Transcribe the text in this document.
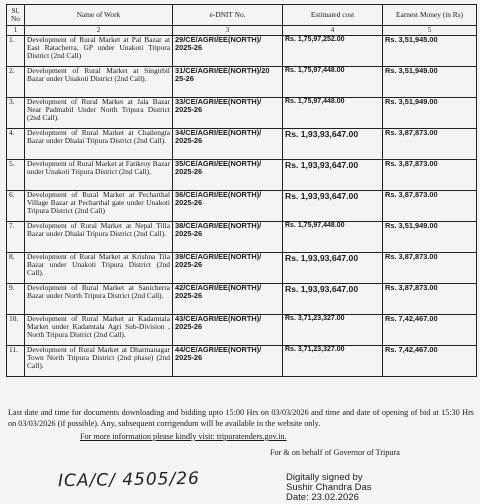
Sl. No	Name of Work	e-DNIT No.	Estimated cost	Earnest Money (in Rs)
1	2	3	4	5
1.	Development of Rural Market at Pal Bazar at East Ratacherra, GP under Unakoti Tripura District (2nd Call)	29/CE/AGRI/EE(NORTH)/ 2025-26	Rs. 1,75,97,252.00	Rs. 3,51,945.00
2.	Development of Rural Market at Singirbil Bazar under Unakoti District (2nd Call).	31/CE/AGRI/EE(NORTH)/20 25-26	Rs. 1,75,97,448.00	Rs. 3,51,949.00
3.	Development of Rural Market at Jala Bazar Near Padmabil Under North Tripura District (2nd Call).	33/CE/AGRI/EE(NORTH)/ 2025-26	Rs. 1,75,97,448.00	Rs. 3,51,949.00
4.	Development of Rural Market at Chailengta Bazar under Dhalai Tripura District (2nd Call).	34/CE/AGRI/EE(NORTH)/ 2025-26	Rs. 1,93,93,647.00	Rs. 3,87,873.00
5.	Development of Rural Market at Fatikroy Bazar under Unakoti Tripura District (2nd Call).	35/CE/AGRI/EE(NORTH)/ 2025-26	Rs. 1,93,93,647.00	Rs. 3,87,873.00
6.	Development of Rural Market at Pecharthal Village Bazar at Pecharthal gate under Unakoti Tripura District (2nd Call)	36/CE/AGRI/EE(NORTH)/ 2025-26	Rs. 1,93,93,647.00	Rs. 3,87,873.00
7.	Development of Rural Market at Nepal Tilla Bazar under Dhalai Tripura District (2nd Call).	38/CE/AGRI/EE(NORTH)/ 2025-26	Rs. 1,75,97,448.00	Rs. 3,51,949.00
8.	Development of Rural Market at Krishna Tila Bazar under Unakoti Tripura District (2nd Call).	39/CE/AGRI/EE(NORTH)/ 2025-26	Rs. 1,93,93,647.00	Rs. 3,87,873.00
9.	Development of Rural Market at Sanicherra Bazar under North Tripura District (2nd Call).	42/CE/AGRI/EE(NORTH)/ 2025-26	Rs. 1,93,93,647.00	Rs. 3,87,873.00
10.	Development of Rural Market at Kadamtala Market under Kadamtala Agri Sub-Division , North Tripura District (2nd Call).	43/CE/AGRI/EE(NORTH)/ 2025-26	Rs. 3,71,23,327.00	Rs. 7,42,467.00
11.	Development of Rural Market at Dharmanagar Town North Tripura District (2nd phase) (2nd Call).	44/CE/AGRI/EE(NORTH)/ 2025-26	Rs. 3,71,23,327.00	Rs. 7,42,467.00
Last date and time for documents downloading and bidding upto 15:00 Hrs on 03/03/2026 and time and date of opening of bid at 15:30 Hrs on 03/03/2026 (if possible). Any, subsequent corrigendum will be available in the website only.
For more information please kindly visit: tripuratenders.gov.in.
For & on behalf of Governor of Tripura
ICA/C/ 4505/26	Digitally signed by
Sushir Chandra Das
Date: 23.02.2026
